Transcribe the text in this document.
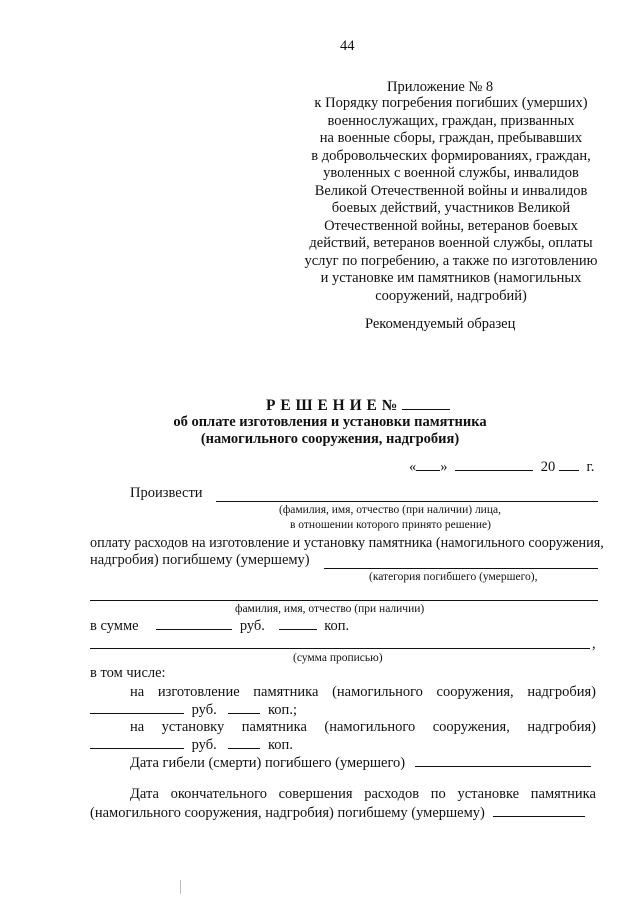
44
Приложение № 8
к Порядку погребения погибших (умерших)
военнослужащих, граждан, призванных
на военные сборы, граждан, пребывавших
в добровольческих формированиях, граждан,
уволенных с военной службы, инвалидов
Великой Отечественной войны и инвалидов
боевых действий, участников Великой
Отечественной войны, ветеранов боевых
действий, ветеранов военной службы, оплаты
услуг по погребению, а также по изготовлению
и установке им памятников (намогильных
сооружений, надгробий)
Рекомендуемый образец
Р Е Ш Е Н И Е №
об оплате изготовления и установки памятника
(намогильного сооружения, надгробия)
« »	20 г.
Произвести
(фамилия, имя, отчество (при наличии) лица,
в отношении которого принято решение)
оплату расходов на изготовление и установку памятника (намогильного сооружения,
надгробия) погибшему (умершему)
(категория погибшего (умершего),
фамилия, имя, отчество (при наличии)
в сумме	руб.	коп.
,
(сумма прописью)
в том числе:
на изготовление памятника (намогильного сооружения, надгробия)
руб.	коп.;
на установку памятника (намогильного сооружения, надгробия)
руб.	коп.
Дата гибели (смерти) погибшего (умершего)
Дата окончательного совершения расходов по установке памятника
(намогильного сооружения, надгробия) погибшему (умершему)
